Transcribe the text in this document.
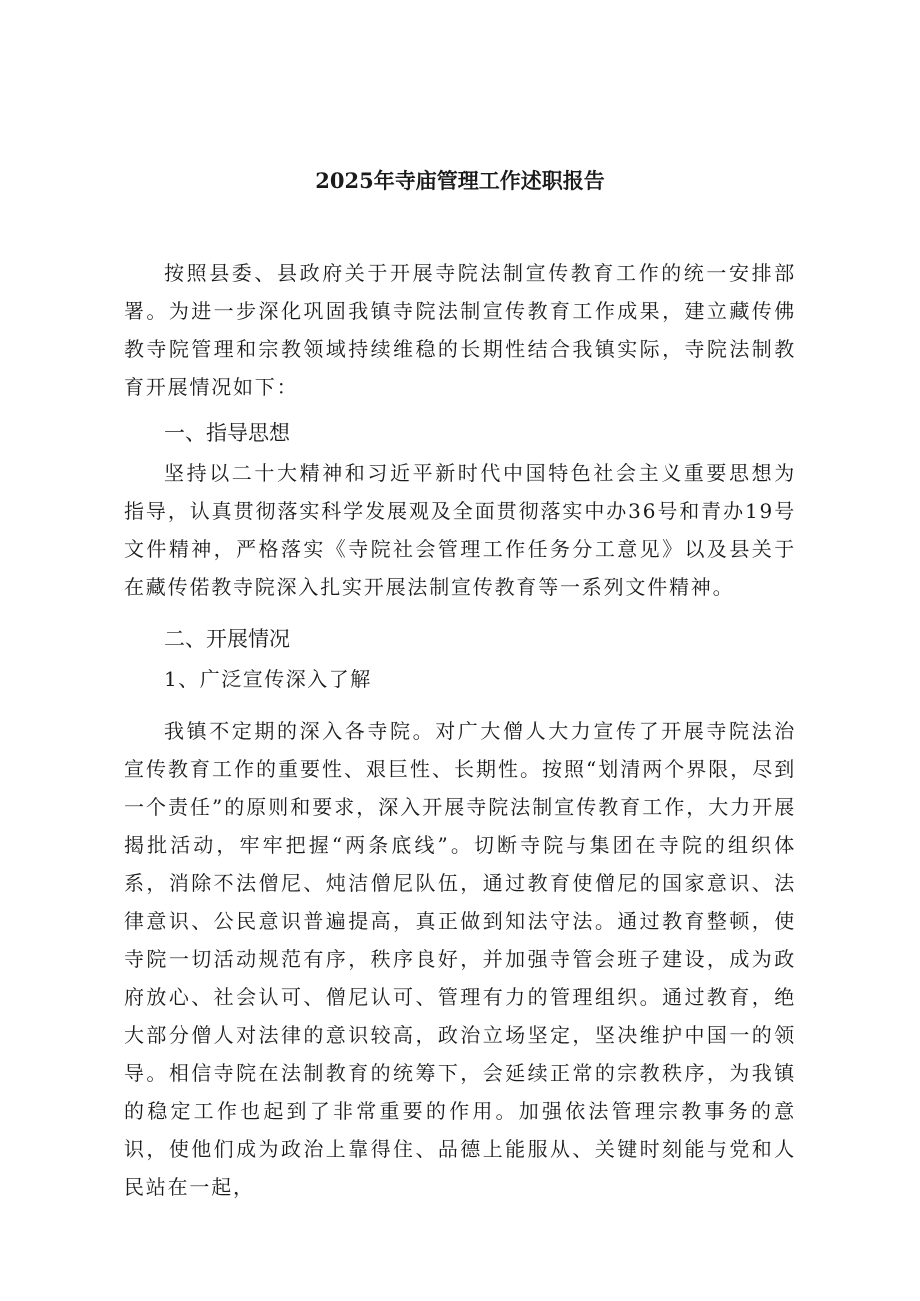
2025年寺庙管理工作述职报告

按照县委、县政府关于开展寺院法制宣传教育工作的统一安排部署。为进一步深化巩固我镇寺院法制宣传教育工作成果，建立藏传佛教寺院管理和宗教领域持续维稳的长期性结合我镇实际，寺院法制教育开展情况如下：

一、指导思想

坚持以二十大精神和习近平新时代中国特色社会主义重要思想为指导，认真贯彻落实科学发展观及全面贯彻落实中办36号和青办19号文件精神，严格落实《寺院社会管理工作任务分工意见》以及县关于在藏传偌教寺院深入扎实开展法制宣传教育等一系列文件精神。

二、开展情况
1、广泛宣传深入了解

我镇不定期的深入各寺院。对广大僧人大力宣传了开展寺院法治宣传教育工作的重要性、艰巨性、长期性。按照“划清两个界限，尽到一个责任”的原则和要求，深入开展寺院法制宣传教育工作，大力开展揭批活动，牢牢把握“两条底线”。切断寺院与集团在寺院的组织体系，消除不法僧尼、炖洁僧尼队伍，通过教育使僧尼的国家意识、法律意识、公民意识普遍提高，真正做到知法守法。通过教育整顿，使寺院一切活动规范有序，秩序良好，并加强寺管会班子建设，成为政府放心、社会认可、僧尼认可、管理有力的管理组织。通过教育，绝大部分僧人对法律的意识较高，政治立场坚定，坚决维护中国一的领导。相信寺院在法制教育的统筹下，会延续正常的宗教秩序，为我镇的稳定工作也起到了非常重要的作用。加强依法管理宗教事务的意识，使他们成为政治上靠得住、品德上能服从、关键时刻能与党和人民站在一起，
